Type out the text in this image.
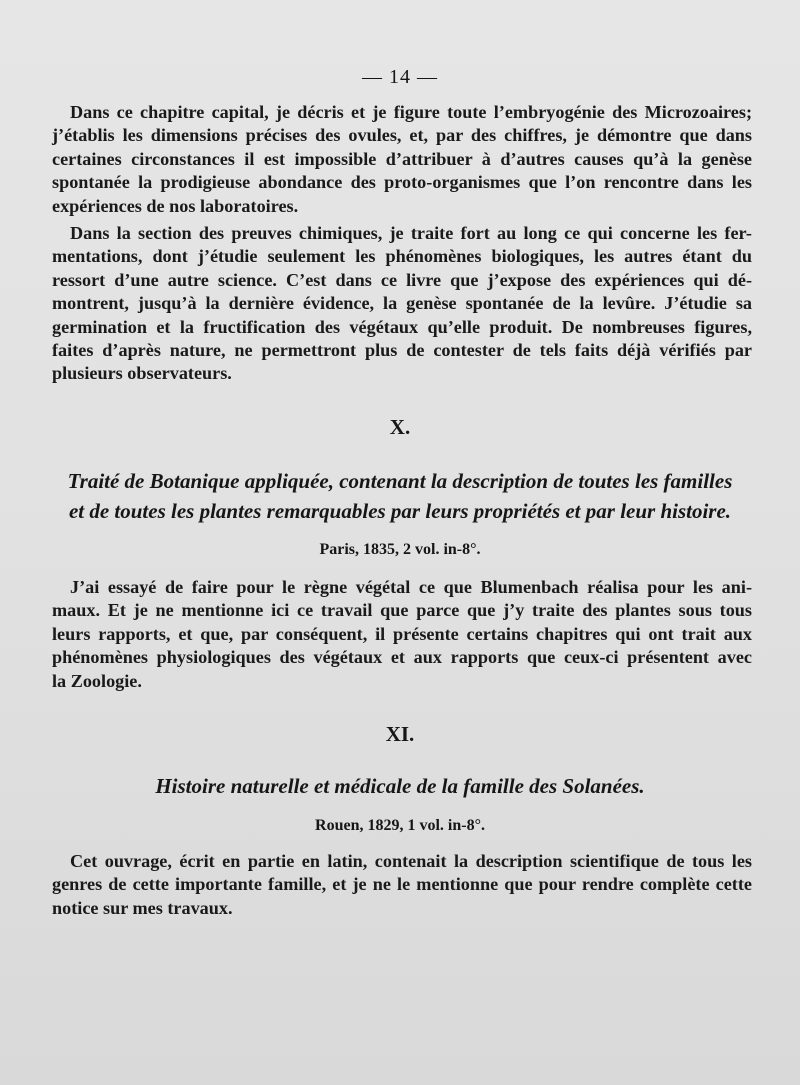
— 14 —
Dans ce chapitre capital, je décris et je figure toute l’embryogénie des Microzoaires;
j’établis les dimensions précises des ovules, et, par des chiffres, je démontre que dans
certaines circonstances il est impossible d’attribuer à d’autres causes qu’à la genèse
spontanée la prodigieuse abondance des proto-organismes que l’on rencontre dans les
expériences de nos laboratoires.
Dans la section des preuves chimiques, je traite fort au long ce qui concerne les fer-
mentations, dont j’étudie seulement les phénomènes biologiques, les autres étant du
ressort d’une autre science. C’est dans ce livre que j’expose des expériences qui dé-
montrent, jusqu’à la dernière évidence, la genèse spontanée de la levûre. J’étudie sa
germination et la fructification des végétaux qu’elle produit. De nombreuses figures,
faites d’après nature, ne permettront plus de contester de tels faits déjà vérifiés par
plusieurs observateurs.
X.
Traité de Botanique appliquée, contenant la description de toutes les familles
et de toutes les plantes remarquables par leurs propriétés et par leur histoire.
Paris, 1835, 2 vol. in-8°.
J’ai essayé de faire pour le règne végétal ce que Blumenbach réalisa pour les ani-
maux. Et je ne mentionne ici ce travail que parce que j’y traite des plantes sous tous
leurs rapports, et que, par conséquent, il présente certains chapitres qui ont trait aux
phénomènes physiologiques des végétaux et aux rapports que ceux-ci présentent avec
la Zoologie.
XI.
Histoire naturelle et médicale de la famille des Solanées.
Rouen, 1829, 1 vol. in-8°.
Cet ouvrage, écrit en partie en latin, contenait la description scientifique de tous les
genres de cette importante famille, et je ne le mentionne que pour rendre complète cette
notice sur mes travaux.
